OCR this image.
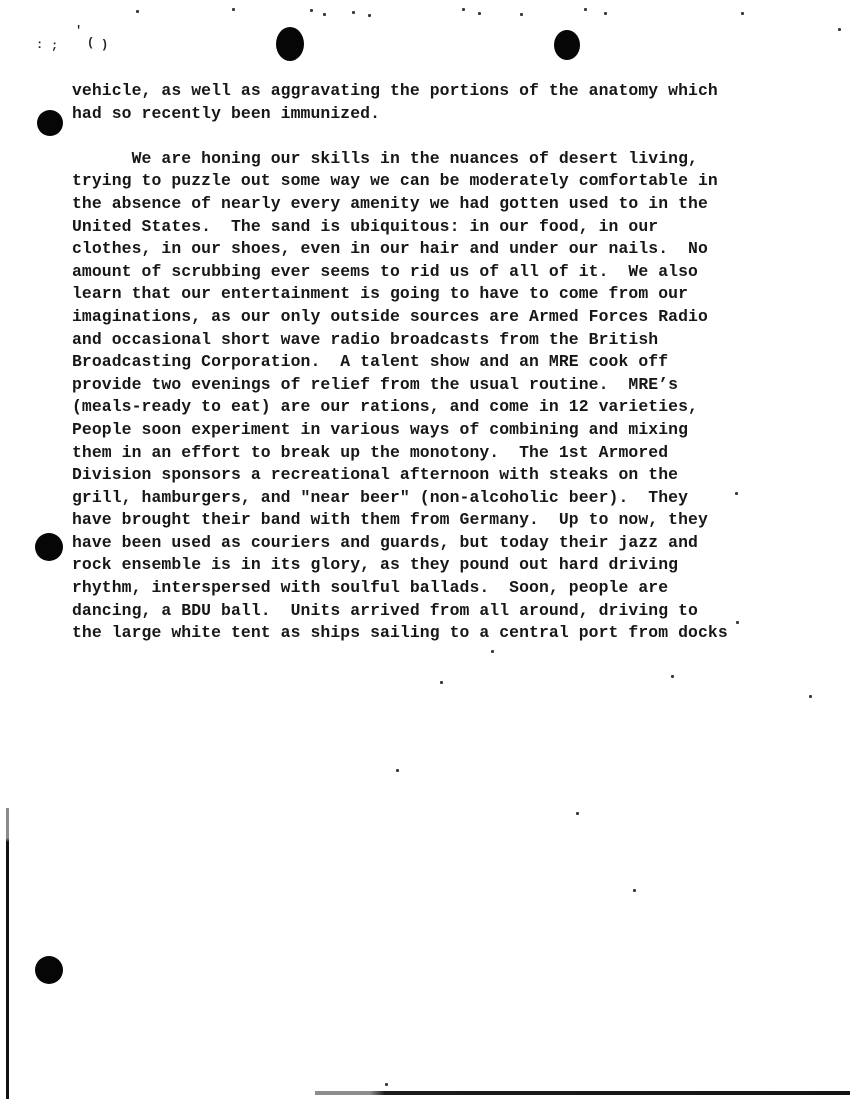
vehicle, as well as aggravating the portions of the anatomy which
had so recently been immunized.
We are honing our skills in the nuances of desert living,
trying to puzzle out some way we can be moderately comfortable in
the absence of nearly every amenity we had gotten used to in the
United States.  The sand is ubiquitous: in our food, in our
clothes, in our shoes, even in our hair and under our nails.  No
amount of scrubbing ever seems to rid us of all of it.  We also
learn that our entertainment is going to have to come from our
imaginations, as our only outside sources are Armed Forces Radio
and occasional short wave radio broadcasts from the British
Broadcasting Corporation.  A talent show and an MRE cook off
provide two evenings of relief from the usual routine.  MRE’s
(meals-ready to eat) are our rations, and come in 12 varieties,
People soon experiment in various ways of combining and mixing
them in an effort to break up the monotony.  The 1st Armored
Division sponsors a recreational afternoon with steaks on the
grill, hamburgers, and "near beer" (non-alcoholic beer).  They
have brought their band with them from Germany.  Up to now, they
have been used as couriers and guards, but today their jazz and
rock ensemble is in its glory, as they pound out hard driving
rhythm, interspersed with soulful ballads.  Soon, people are
dancing, a BDU ball.  Units arrived from all around, driving to
the large white tent as ships sailing to a central port from docks
: ;
'
( )
